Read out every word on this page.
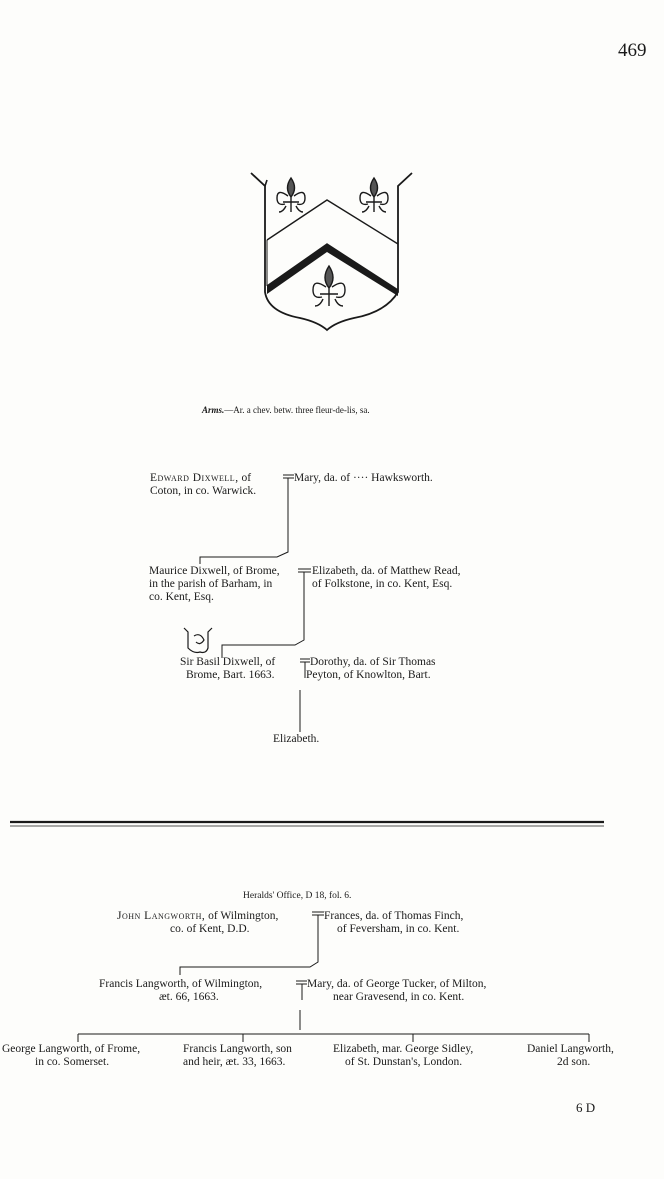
469
Arms.—Ar. a chev. betw. three fleur-de-lis, sa.
Edward Dixwell, of
Coton, in co. Warwick.
Mary, da. of ···· Hawksworth.
Maurice Dixwell, of Brome,
in the parish of Barham, in
co. Kent, Esq.
Elizabeth, da. of Matthew Read,
of Folkstone, in co. Kent, Esq.
Sir Basil Dixwell, of
Brome, Bart. 1663.
Dorothy, da. of Sir Thomas
Peyton, of Knowlton, Bart.
Elizabeth.
Heralds' Office, D 18, fol. 6.
John Langworth, of Wilmington,
co. of Kent, D.D.
Frances, da. of Thomas Finch,
of Feversham, in co. Kent.
Francis Langworth, of Wilmington,
æt. 66, 1663.
Mary, da. of George Tucker, of Milton,
near Gravesend, in co. Kent.
George Langworth, of Frome,
in co. Somerset.
Francis Langworth, son
and heir, æt. 33, 1663.
Elizabeth, mar. George Sidley,
of St. Dunstan's, London.
Daniel Langworth,
2d son.
6 D
